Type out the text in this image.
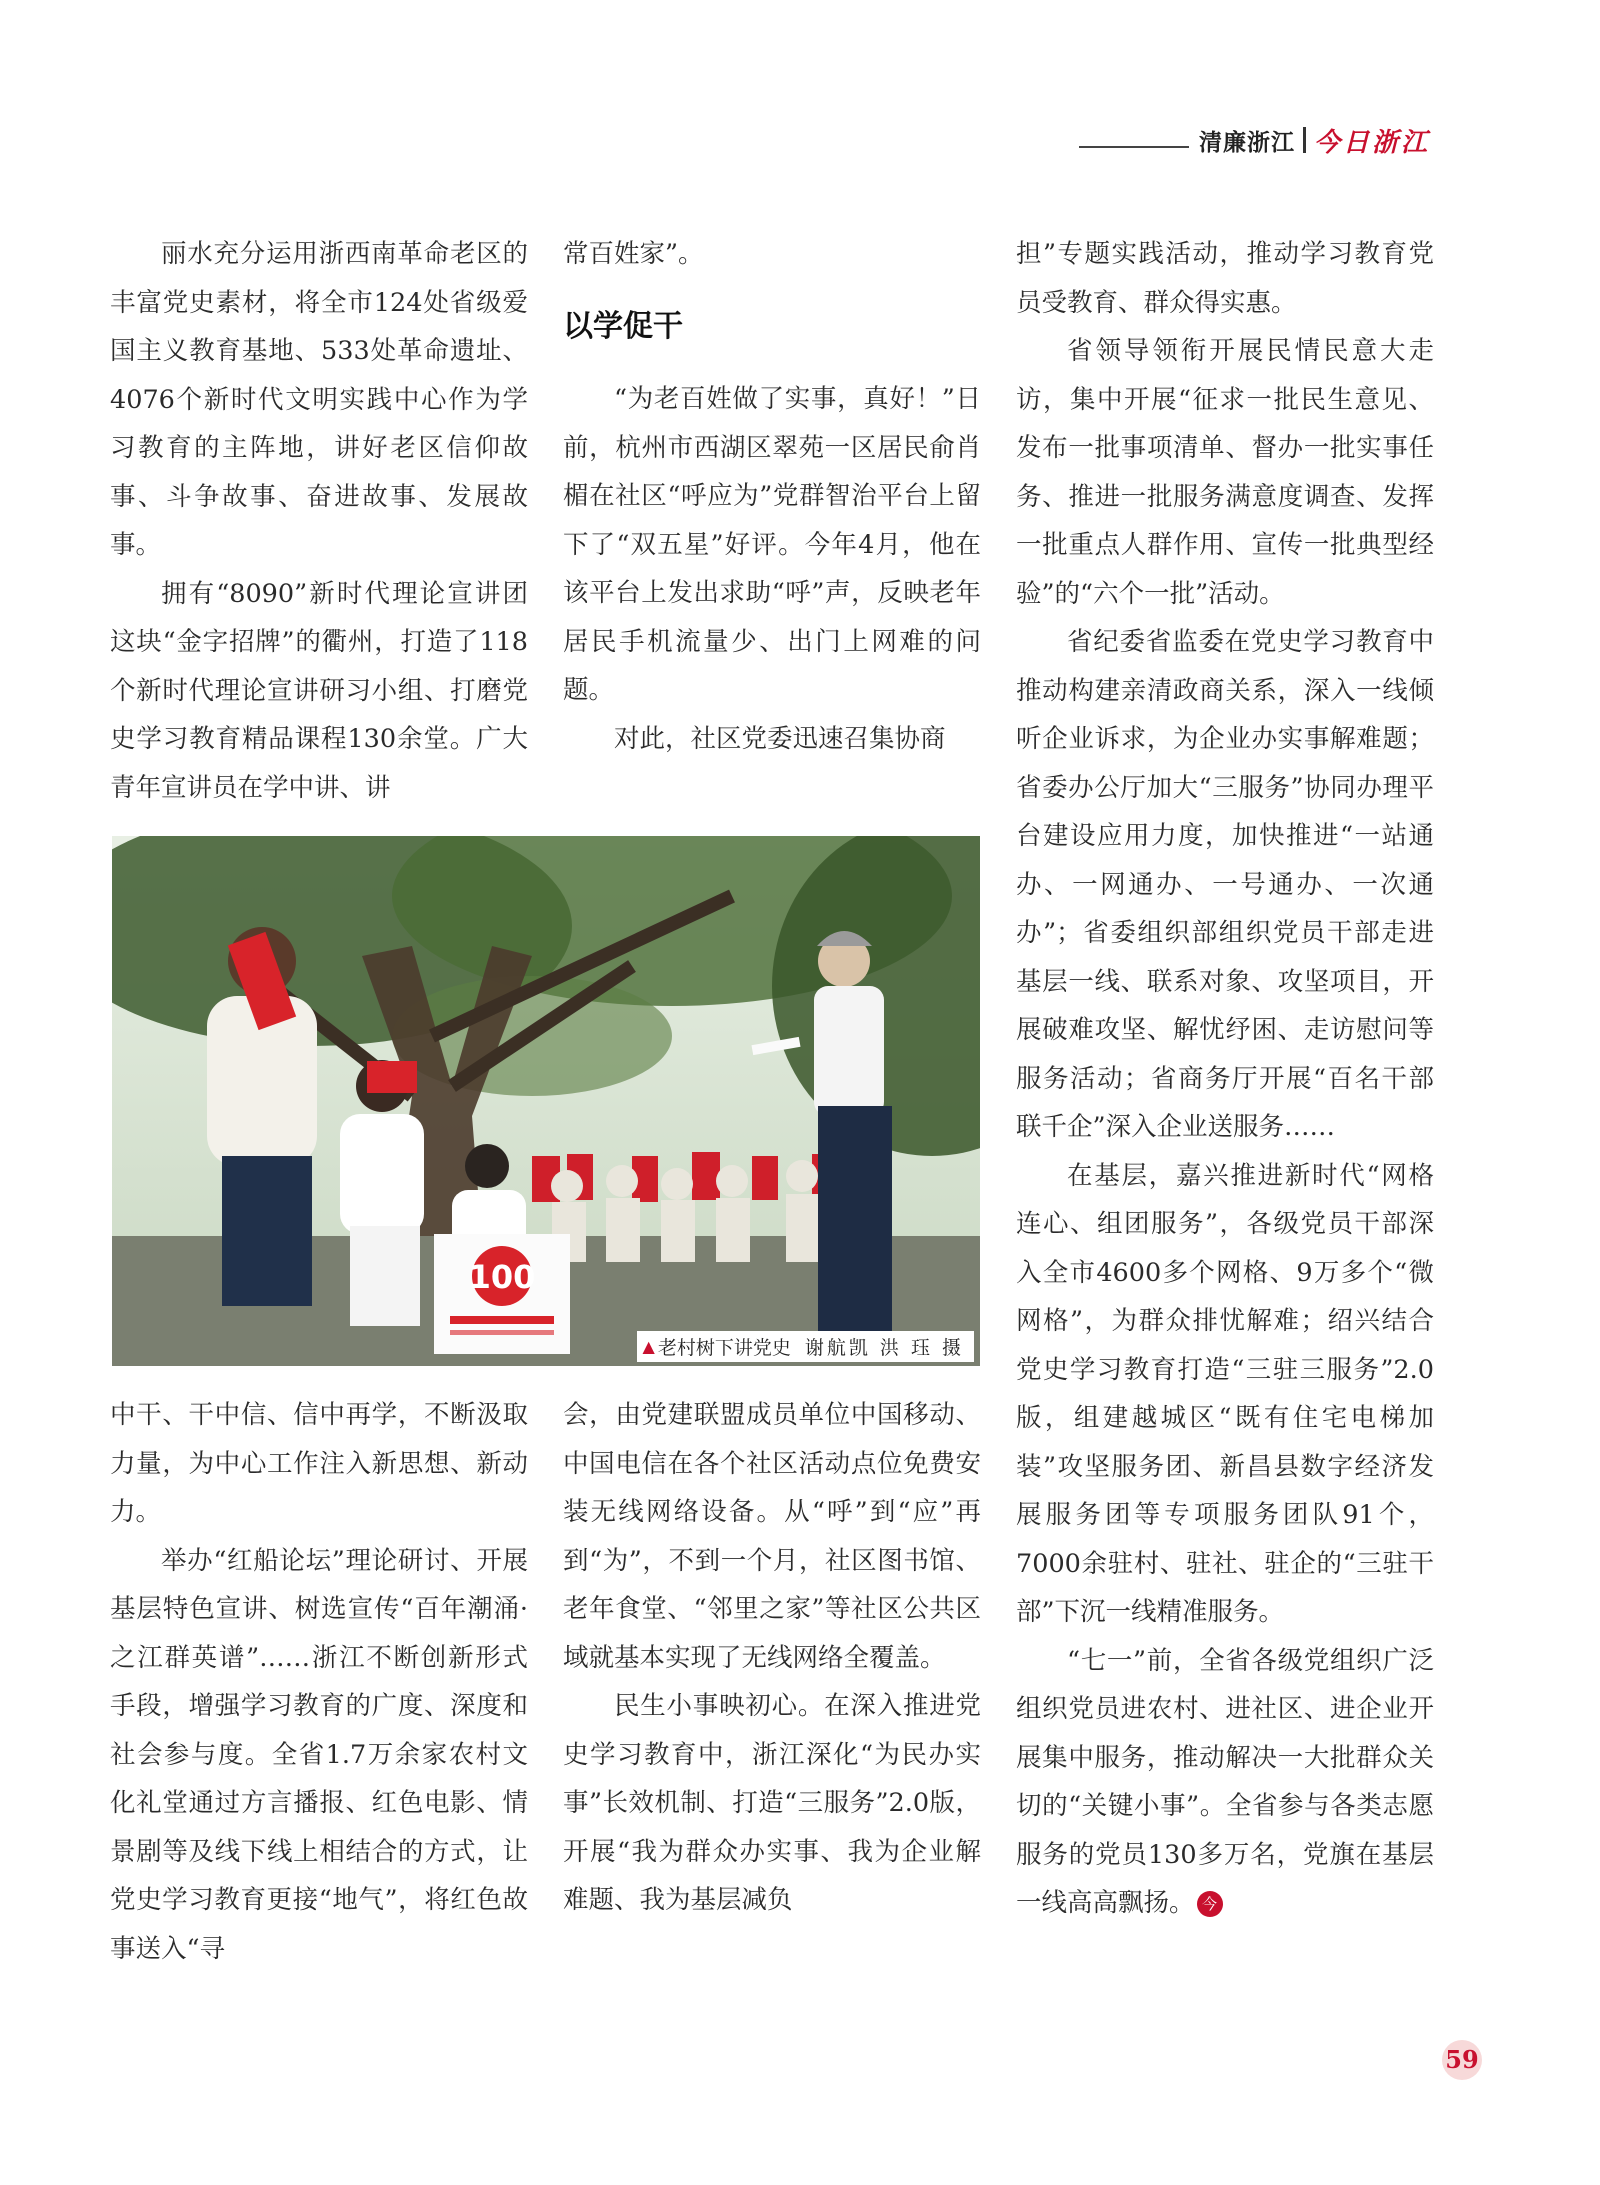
清廉浙江 今日浙江

丽水充分运用浙西南革命老区的丰富党史素材，将全市124处省级爱国主义教育基地、533处革命遗址、4076个新时代文明实践中心作为学习教育的主阵地，讲好老区信仰故事、斗争故事、奋进故事、发展故事。

拥有“8090”新时代理论宣讲团这块“金字招牌”的衢州，打造了118个新时代理论宣讲研习小组、打磨党史学习教育精品课程130余堂。广大青年宣讲员在学中讲、讲

常百姓家”。

以学促干

“为老百姓做了实事，真好！”日前，杭州市西湖区翠苑一区居民俞肖楣在社区“呼应为”党群智治平台上留下了“双五星”好评。今年4月，他在该平台上发出求助“呼”声，反映老年居民手机流量少、出门上网难的问题。

对此，社区党委迅速召集协商

担”专题实践活动，推动学习教育党员受教育、群众得实惠。

省领导领衔开展民情民意大走访，集中开展“征求一批民生意见、发布一批事项清单、督办一批实事任务、推进一批服务满意度调查、发挥一批重点人群作用、宣传一批典型经验”的“六个一批”活动。

省纪委省监委在党史学习教育中推动构建亲清政商关系，深入一线倾听企业诉求，为企业办实事解难题；省委办公厅加大“三服务”协同办理平台建设应用力度，加快推进“一站通办、一网通办、一号通办、一次通办”；省委组织部组织党员干部走进基层一线、联系对象、攻坚项目，开展破难攻坚、解忧纾困、走访慰问等服务活动；省商务厅开展“百名干部联千企”深入企业送服务……

在基层，嘉兴推进新时代“网格连心、组团服务”，各级党员干部深入全市4600多个网格、9万多个“微网格”，为群众排忧解难；绍兴结合党史学习教育打造“三驻三服务”2.0版，组建越城区“既有住宅电梯加装”攻坚服务团、新昌县数字经济发展服务团等专项服务团队91个，7000余驻村、驻社、驻企的“三驻干部”下沉一线精准服务。

“七一”前，全省各级党组织广泛组织党员进农村、进社区、进企业开展集中服务，推动解决一大批群众关切的“关键小事”。全省参与各类志愿服务的党员130多万名，党旗在基层一线高高飘扬。 今

100
▲ 老村树下讲党史 谢航凯 洪 珏 摄

中干、干中信、信中再学，不断汲取力量，为中心工作注入新思想、新动力。

举办“红船论坛”理论研讨、开展基层特色宣讲、树选宣传“百年潮涌·之江群英谱”……浙江不断创新形式手段，增强学习教育的广度、深度和社会参与度。全省1.7万余家农村文化礼堂通过方言播报、红色电影、情景剧等及线下线上相结合的方式，让党史学习教育更接“地气”，将红色故事送入“寻

会，由党建联盟成员单位中国移动、中国电信在各个社区活动点位免费安装无线网络设备。从“呼”到“应”再到“为”，不到一个月，社区图书馆、老年食堂、“邻里之家”等社区公共区域就基本实现了无线网络全覆盖。

民生小事映初心。在深入推进党史学习教育中，浙江深化“为民办实事”长效机制、打造“三服务”2.0版，开展“我为群众办实事、我为企业解难题、我为基层减负

59
